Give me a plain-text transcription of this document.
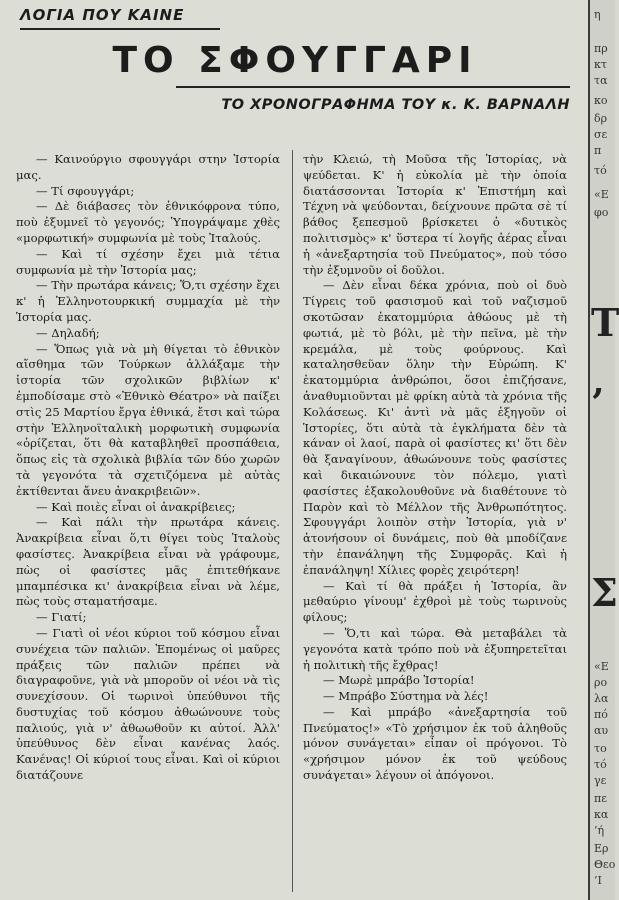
ΛΟΓΙΑ ΠΟΥ ΚΑΙΝΕ
ΤΟ ΣΦΟΥΓΓΑΡΙ
ΤΟ ΧΡΟΝΟΓΡΑΦΗΜΑ ΤΟΥ κ. Κ. ΒΑΡΝΑΛΗ

— Καινούργιο σφουγγάρι στην Ἱστορία μας.

— Τί σφουγγάρι;

— Δὲ διάβασες τὸν ἐθνικόφρονα τύπο, ποὺ ἐξυμνεῖ τὸ γεγονός; Ὑπογράψαμε χθὲς «μορφωτική» συμφωνία μὲ τοὺς Ἰταλούς.

— Καὶ τί σχέσην ἔχει μιὰ τέτια συμφωνία μὲ τὴν Ἱστορία μας;

— Τὴν πρωτάρα κάνεις; Ὅ,τι σχέσην ἔχει κ' ἡ Ἑλληνοτουρκική συμμαχία μὲ τὴν Ἱστορία μας.

— Δηλαδή;

— Ὅπως γιὰ νὰ μὴ θίγεται τὸ ἐθνικὸν αἴσθημα τῶν Τούρκων ἀλλάξαμε τὴν ἱστορία τῶν σχολικῶν βιβλίων κ' ἐμποδίσαμε στὸ «Ἐθνικὸ Θέατρο» νὰ παίξει στὶς 25 Μαρτίου ἔργα ἐθνικά, ἔτσι καὶ τώρα στὴν Ἑλληνοϊταλικὴ μορφωτικὴ συμφωνία «ὁρίζεται, ὅτι θὰ καταβληθεῖ προσπάθεια, ὅπως εἰς τὰ σχολικὰ βιβλία τῶν δύο χωρῶν τὰ γεγονότα τὰ σχετιζόμενα μὲ αὐτὰς ἐκτίθενται ἄνευ ἀνακριβειῶν».

— Καὶ ποιὲς εἶναι οἱ ἀνακρίβειες;

— Καὶ πάλι τὴν πρωτάρα κάνεις. Ἀνακρίβεια εἶναι ὅ,τι θίγει τοὺς Ἰταλοὺς φασίστες. Ἀνακρίβεια εἶναι νὰ γράφουμε, πὼς οἱ φασίστες μᾶς ἐπιτεθήκανε μπαμπέσικα κι' ἀνακρίβεια εἶναι νὰ λέμε, πὼς τοὺς σταματήσαμε.

— Γιατί;

— Γιατὶ οἱ νέοι κύριοι τοῦ κόσμου εἶναι συνέχεια τῶν παλιῶν. Ἑπομένως οἱ μαῦρες πράξεις τῶν παλιῶν πρέπει νὰ διαγραφοῦνε, γιὰ νὰ μποροῦν οἱ νέοι νὰ τὶς συνεχίσουν. Οἱ τωρινοὶ ὑπεύθυνοι τῆς δυστυχίας τοῦ κόσμου ἀθωώνουνε τοὺς παλιούς, γιὰ ν' ἀθωωθοῦν κι αὐτοί. Ἀλλ' ὑπεύθυνος δὲν εἶναι κανένας λαός. Κανένας! Οἱ κύριοί τους εἶναι. Καὶ οἱ κύριοι διατάζουνε

τὴν Κλειώ, τὴ Μοῦσα τῆς Ἱστορίας, νὰ ψεύδεται. Κ' ἡ εὐκολία μὲ τὴν ὁποία διατάσσονται Ἱστορία κ' Ἐπιστήμη καὶ Τέχνη νὰ ψεύδονται, δείχνουνε πρῶτα σὲ τί βάθος ξεπεσμοῦ βρίσκετει ὁ «δυτικὸς πολιτισμὸς» κ' ὕστερα τί λογῆς ἀέρας εἶναι ἡ «ἀνεξαρτησία τοῦ Πνεύματος», ποὺ τόσο τὴν ἐξυμνοῦν οἱ δοῦλοι.

— Δὲν εἶναι δέκα χρόνια, ποὺ οἱ δυὸ Τίγρεις τοῦ φασισμοῦ καὶ τοῦ ναζισμοῦ σκοτῶσαν ἑκατομμύρια ἀθώους μὲ τὴ φωτιά, μὲ τὸ βόλι, μὲ τὴν πεῖνα, μὲ τὴν κρεμάλα, μὲ τοὺς φούρνους. Καὶ καταλησθεῦαν ὅλην τὴν Εὐρώπη. Κ' ἑκατομμύρια ἀνθρώποι, ὅσοι ἐπιζήσανε, ἀναθυμιοῦνται μὲ φρίκη αὐτὰ τὰ χρόνια τῆς Κολάσεως. Κι' ἀντὶ νὰ μᾶς ἐξηγοῦν οἱ Ἱστορίες, ὅτι αὐτὰ τὰ ἐγκλήματα δὲν τὰ κάναν οἱ λαοί, παρὰ οἱ φασίστες κι' ὅτι δὲν θὰ ξαναγίνουν, ἀθωώνουνε τοὺς φασίστες καὶ δικαιώνουνε τὸν πόλεμο, γιατὶ φασίστες ἐξακολουθοῦνε νὰ διαθέτουνε τὸ Παρὸν καὶ τὸ Μέλλον τῆς Ἀνθρωπότητος. Σφουγγάρι λοιπὸν στὴν Ἱστορία, γιὰ ν' ἀτονήσουν οἱ δυνάμεις, ποὺ θὰ μποδίζανε τὴν ἐπανάληψη τῆς Συμφορᾶς. Καὶ ἡ ἐπανάληψη! Χίλιες φορὲς χειρότερη!

— Καὶ τί θὰ πράξει ἡ Ἱστορία, ἂν μεθαύριο γίνουμ' ἐχθροὶ μὲ τοὺς τωρινοὺς φίλους;

— Ὅ,τι καὶ τώρα. Θὰ μεταβάλει τὰ γεγονότα κατὰ τρόπο ποὺ νὰ ἐξυπηρετεῖται ἡ πολιτικὴ τῆς ἔχθρας!

— Μωρὲ μπράβο Ἱστορία!

— Μπράβο Σύστημα νὰ λές!

— Καὶ μπράβο «ἀνεξαρτησία τοῦ Πνεύματος!» «Τὸ χρήσιμον ἐκ τοῦ ἀληθοῦς μόνον συνάγεται» εἶπαν οἱ πρόγονοι. Τὸ «χρήσιμον μόνον ἐκ τοῦ ψεύδους συνάγεται» λέγουν οἱ ἀπόγονοι.

η
πρ
κτ
τα
κο
δρ
σε
π
τό
«Ε
φο
Τ
’
Σ
«Ε
ρο
λα
πό
αυ
το
τό
γε
πε
κα
’ή
Ερ
Θεο
’Ι
